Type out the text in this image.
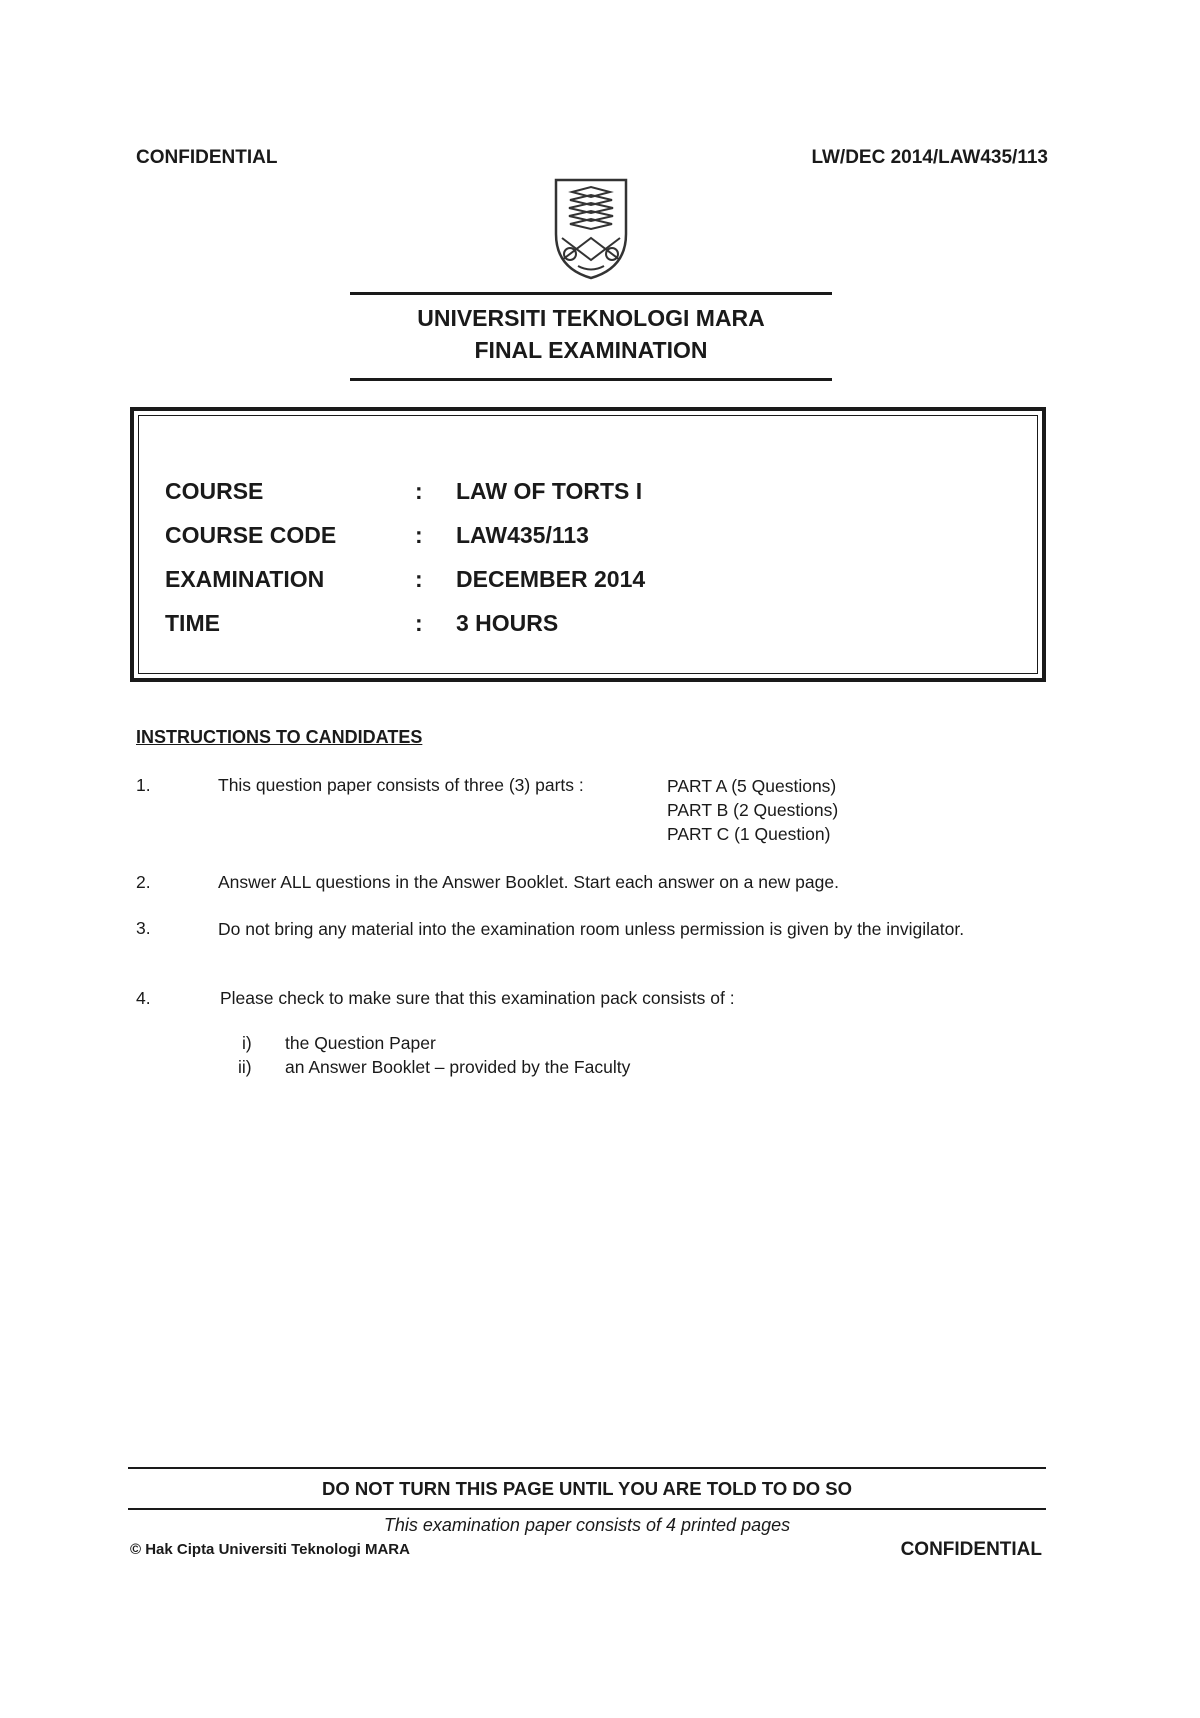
CONFIDENTIAL	LW/DEC 2014/LAW435/113
UNIVERSITI TEKNOLOGI MARA
FINAL EXAMINATION
COURSE	: LAW OF TORTS I
COURSE CODE	: LAW435/113
EXAMINATION	: DECEMBER 2014
TIME	: 3 HOURS
INSTRUCTIONS TO CANDIDATES
1.	This question paper consists of three (3) parts :	PART A (5 Questions)
PART B (2 Questions)
PART C (1 Question)
2.	Answer ALL questions in the Answer Booklet. Start each answer on a new page.
3.	Do not bring any material into the examination room unless permission is given by the invigilator.
4.	Please check to make sure that this examination pack consists of :
i) the Question Paper
ii) an Answer Booklet – provided by the Faculty
DO NOT TURN THIS PAGE UNTIL YOU ARE TOLD TO DO SO
This examination paper consists of 4 printed pages
© Hak Cipta Universiti Teknologi MARA	CONFIDENTIAL
